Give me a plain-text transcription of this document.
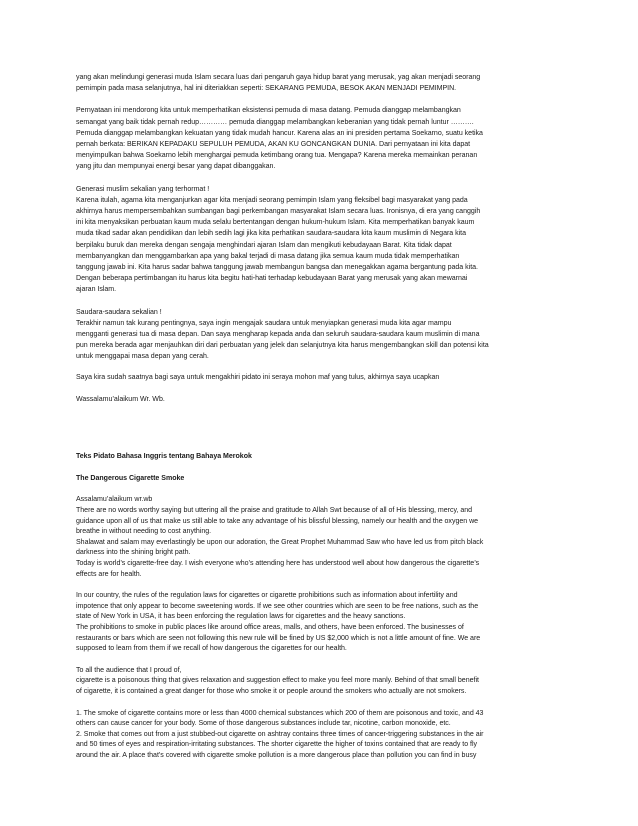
yang akan melindungi generasi muda Islam secara luas dari pengaruh gaya hidup barat yang merusak, yag akan menjadi seorang
pemimpin pada masa selanjutnya, hal ini diteriakkan seperti: SEKARANG PEMUDA, BESOK AKAN MENJADI PEMIMPIN.

Pernyataan ini mendorong kita untuk memperhatikan eksistensi pemuda di masa datang. Pemuda dianggap melambangkan
semangat yang baik tidak pernah redup………… pemuda dianggap melambangkan keberanian yang tidak pernah luntur ……….
Pemuda dianggap melambangkan kekuatan yang tidak mudah hancur. Karena alas an ini presiden pertama Soekarno, suatu ketika
pernah berkata: BERIKAN KEPADAKU SEPULUH PEMUDA, AKAN KU GONCANGKAN DUNIA. Dari pernyataan ini kita dapat
menyimpulkan bahwa Soekarno lebih menghargai pemuda ketimbang orang tua. Mengapa? Karena mereka memainkan peranan
yang jitu dan mempunyai energi besar yang dapat dibanggakan.

Generasi muslim sekalian yang terhormat !
Karena itulah, agama kita menganjurkan agar kita menjadi seorang pemimpin Islam yang fleksibel bagi masyarakat yang pada
akhirnya harus mempersembahkan sumbangan bagi perkembangan masyarakat Islam secara luas. Ironisnya, di era yang canggih
ini kita menyaksikan perbuatan kaum muda selalu bertentangan dengan hukum-hukum Islam. Kita memperhatikan banyak kaum
muda tikad sadar akan pendidikan dan lebih sedih lagi jika kita perhatikan saudara-saudara kita kaum muslimin di Negara kita
berpilaku buruk dan mereka dengan sengaja menghindari ajaran Islam dan mengikuti kebudayaan Barat. Kita tidak dapat
membanyangkan dan menggambarkan apa yang bakal terjadi di masa datang jika semua kaum muda tidak memperhatikan
tanggung jawab ini. Kita harus sadar bahwa tanggung jawab membangun bangsa dan menegakkan agama bergantung pada kita.
Dengan beberapa pertimbangan itu harus kita begitu hati-hati terhadap kebudayaan Barat yang merusak yang akan mewarnai
ajaran Islam.

Saudara-saudara sekalian !
Terakhir namun tak kurang pentingnya, saya ingin mengajak saudara untuk menyiapkan generasi muda kita agar mampu
mengganti generasi tua di masa depan. Dan saya mengharap kepada anda dan seluruh saudara-saudara kaum muslimin di mana
pun mereka berada agar menjauhkan diri dari perbuatan yang jelek dan selanjutnya kita harus mengembangkan skill dan potensi kita
untuk menggapai masa depan yang cerah.

Saya kira sudah saatnya bagi saya untuk mengakhiri pidato ini seraya mohon maf yang tulus, akhirnya saya ucapkan

Wassalamu’alaikum Wr. Wb.

Teks Pidato Bahasa Inggris tentang Bahaya Merokok
The Dangerous Cigarette Smoke

Assalamu’alaikum wr.wb
There are no words worthy saying but uttering all the praise and gratitude to Allah Swt because of all of His blessing, mercy, and
guidance upon all of us that make us still able to take any advantage of his blissful blessing, namely our health and the oxygen we
breathe in without needing to cost anything.
Shalawat and salam may everlastingly be upon our adoration, the Great Prophet Muhammad Saw who have led us from pitch black
darkness into the shining bright path.
Today is world’s cigarette-free day. I wish everyone who’s attending here has understood well about how dangerous the cigarette’s
effects are for health.

In our country, the rules of the regulation laws for cigarettes or cigarette prohibitions such as information about infertility and
impotence that only appear to become sweetening words. If we see other countries which are seen to be free nations, such as the
state of New York in USA, it has been enforcing the regulation laws for cigarettes and the heavy sanctions.
The prohibitions to smoke in public places like around office areas, malls, and others, have been enforced. The businesses of
restaurants or bars which are seen not following this new rule will be fined by US $2,000 which is not a little amount of fine. We are
supposed to learn from them if we recall of how dangerous the cigarettes for our health.

To all the audience that I proud of,
cigarette is a poisonous thing that gives relaxation and suggestion effect to make you feel more manly. Behind of that small benefit
of cigarette, it is contained a great danger for those who smoke it or people around the smokers who actually are not smokers.

1. The smoke of cigarette contains more or less than 4000 chemical substances which 200 of them are poisonous and toxic, and 43
others can cause cancer for your body. Some of those dangerous substances include tar, nicotine, carbon monoxide, etc.
2. Smoke that comes out from a just stubbed-out cigarette on ashtray contains three times of cancer-triggering substances in the air
and 50 times of eyes and respiration-irritating substances. The shorter cigarette the higher of toxins contained that are ready to fly
around the air. A place that’s covered with cigarette smoke pollution is a more dangerous place than pollution you can find in busy
